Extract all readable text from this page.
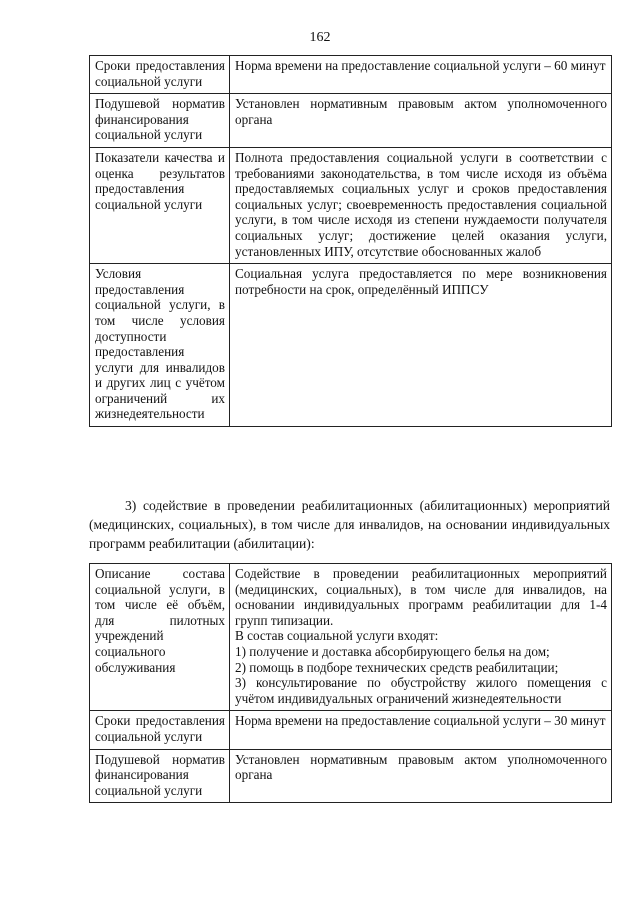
162
Сроки предоставления социальной услуги	Норма времени на предоставление социальной услуги – 60 минут

Подушевой норматив финансирования социальной услуги	Установлен нормативным правовым актом уполномоченного органа

Показатели качества и оценка результатов предоставления социальной услуги	Полнота предоставления социальной услуги в соответствии с требованиями законодательства, в том числе исходя из объёма предоставляемых социальных услуг и сроков предоставления социальных услуг; своевременность предоставления социальной услуги, в том числе исходя из степени нуждаемости получателя социальных услуг; достижение целей оказания услуги, установленных ИПУ, отсутствие обоснованных жалоб

Условия предоставления социальной услуги, в том числе условия доступности предоставления услуги для инвалидов и других лиц с учётом ограничений их жизнедеятельности	Социальная услуга предоставляется по мере возникновения потребности на срок, определённый ИППСУ
3) содействие в проведении реабилитационных (абилитационных) мероприятий (медицинских, социальных), в том числе для инвалидов, на основании индивидуальных программ реабилитации (абилитации):
Описание состава социальной услуги, в том числе её объём, для пилотных учреждений социального обслуживания	Содействие в проведении реабилитационных мероприятий (медицинских, социальных), в том числе для инвалидов, на основании индивидуальных программ реабилитации для 1-4 групп типизации.
В состав социальной услуги входят:
1) получение и доставка абсорбирующего белья на дом;
2) помощь в подборе технических средств реабилитации;
3) консультирование по обустройству жилого помещения с учётом индивидуальных ограничений жизнедеятельности

Сроки предоставления социальной услуги	Норма времени на предоставление социальной услуги – 30 минут

Подушевой норматив финансирования социальной услуги	Установлен нормативным правовым актом уполномоченного органа
